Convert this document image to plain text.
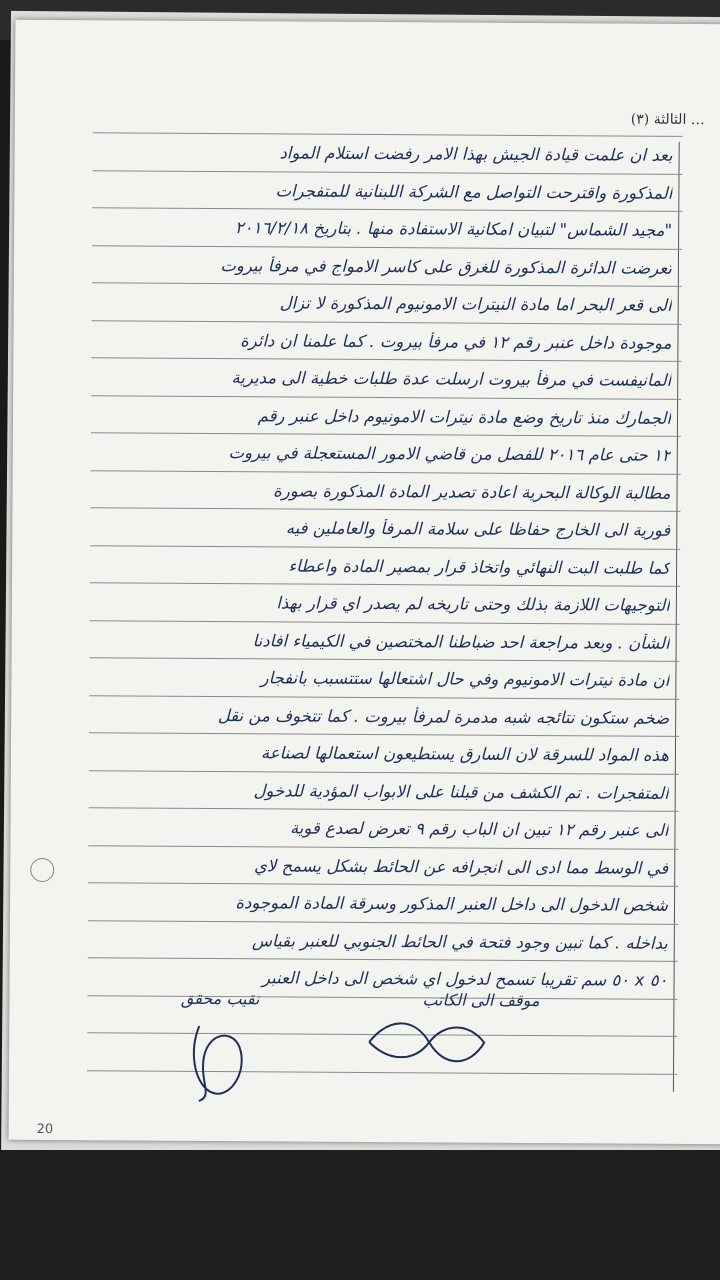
… الثالثة (٣)
بعد ان علمت قيادة الجيش بهذا الامر رفضت استلام المواد
المذكورة واقترحت التواصل مع الشركة اللبنانية للمتفجرات
"مجيد الشماس" لتبيان امكانية الاستفادة منها . بتاريخ ٢٠١٦/٢/١٨
تعرضت الدائرة المذكورة للغرق على كاسر الامواج في مرفأ بيروت
الى قعر البحر اما مادة النيترات الامونيوم المذكورة لا تزال
موجودة داخل عنبر رقم ١٢ في مرفأ بيروت . كما علمنا ان دائرة
المانيفست في مرفأ بيروت ارسلت عدة طلبات خطية الى مديرية
الجمارك منذ تاريخ وضع مادة نيترات الامونيوم داخل عنبر رقم
١٢ حتى عام ٢٠١٦ للفصل من قاضي الامور المستعجلة في بيروت
مطالبة الوكالة البحرية اعادة تصدير المادة المذكورة بصورة
فورية الى الخارج حفاظا على سلامة المرفأ والعاملين فيه
كما طلبت البت النهائي واتخاذ قرار بمصير المادة واعطاء
التوجيهات اللازمة بذلك وحتى تاريخه لم يصدر اي قرار بهذا
الشأن . وبعد مراجعة احد ضباطنا المختصين في الكيمياء افادنا
ان مادة نيترات الامونيوم وفي حال اشتعالها ستتسبب بانفجار
ضخم ستكون نتائجه شبه مدمرة لمرفأ بيروت . كما تتخوف من نقل
هذه المواد للسرقة لان السارق يستطيعون استعمالها لصناعة
المتفجرات . تم الكشف من قبلنا على الابواب المؤدية للدخول
الى عنبر رقم ١٢ تبين ان الباب رقم ٩ تعرض لصدع قوية
في الوسط مما ادى الى انجرافه عن الحائط بشكل يسمح لاي
شخص الدخول الى داخل العنبر المذكور وسرقة المادة الموجودة
بداخله . كما تبين وجود فتحة في الحائط الجنوبي للعنبر بقياس
٥٠ x ٥٠ سم تقريبا تسمح لدخول اي شخص الى داخل العنبر
موقف الى الكاتب
نقيب محقق
20
